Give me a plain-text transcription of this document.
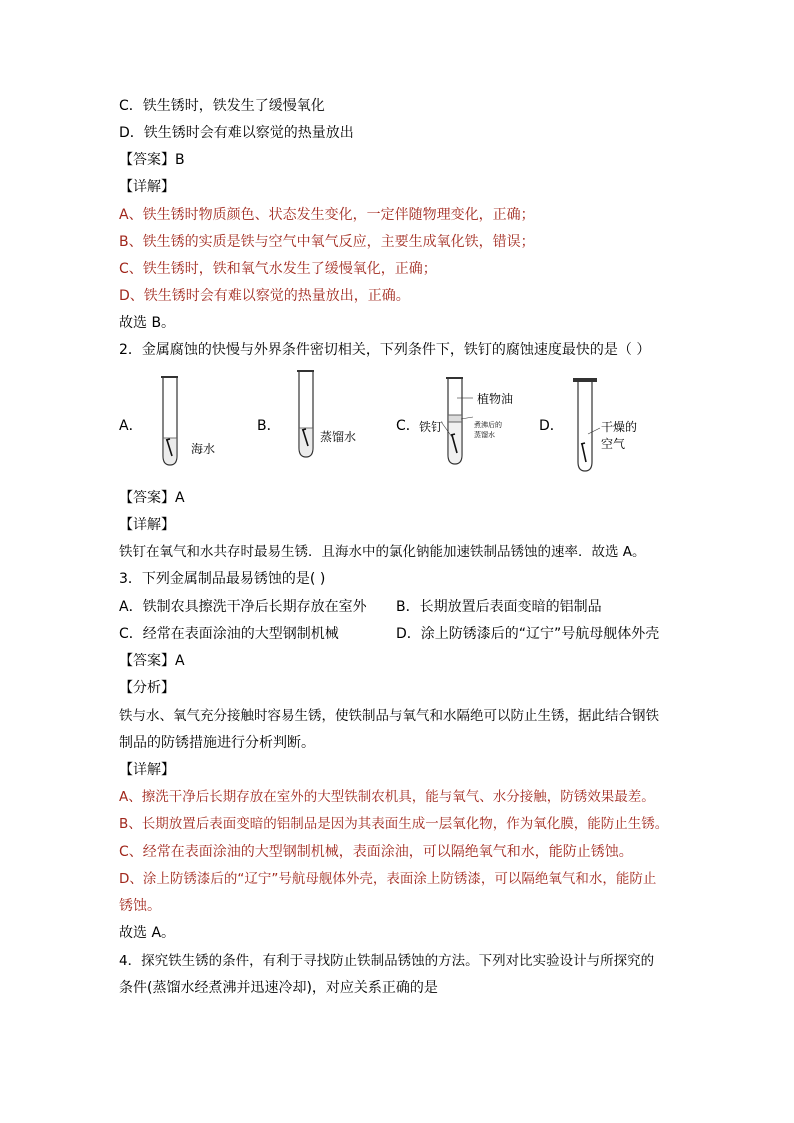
C．铁生锈时，铁发生了缓慢氧化
D．铁生锈时会有难以察觉的热量放出
【答案】B
【详解】
A、铁生锈时物质颜色、状态发生变化，一定伴随物理变化，正确；
B、铁生锈的实质是铁与空气中氧气反应，主要生成氧化铁，错误；
C、铁生锈时，铁和氧气水发生了缓慢氧化，正确；
D、铁生锈时会有难以察觉的热量放出，正确。
故选 B。
2．金属腐蚀的快慢与外界条件密切相关，下列条件下，铁钉的腐蚀速度最快的是（ ）
A．
海水
B．
蒸馏水
C． 铁钉
植物油
煮沸后的
蒸馏水
D．	干燥的
空气
【答案】A
【详解】
铁钉在氧气和水共存时最易生锈．且海水中的氯化钠能加速铁制品锈蚀的速率．故选 A。
3．下列金属制品最易锈蚀的是( )
A．铁制农具擦洗干净后长期存放在室外 B．长期放置后表面变暗的铝制品
C．经常在表面涂油的大型钢制机械	D．涂上防锈漆后的“辽宁”号航母舰体外壳
【答案】A
【分析】
铁与水、氧气充分接触时容易生锈，使铁制品与氧气和水隔绝可以防止生锈，据此结合钢铁
制品的防锈措施进行分析判断。
【详解】
A、擦洗干净后长期存放在室外的大型铁制农机具，能与氧气、水分接触，防锈效果最差。
B、长期放置后表面变暗的铝制品是因为其表面生成一层氧化物，作为氧化膜，能防止生锈。
C、经常在表面涂油的大型钢制机械，表面涂油，可以隔绝氧气和水，能防止锈蚀。
D、涂上防锈漆后的“辽宁”号航母舰体外壳，表面涂上防锈漆，可以隔绝氧气和水，能防止
锈蚀。
故选 A。
4．探究铁生锈的条件，有利于寻找防止铁制品锈蚀的方法。下列对比实验设计与所探究的
条件(蒸馏水经煮沸并迅速冷却)，对应关系正确的是
